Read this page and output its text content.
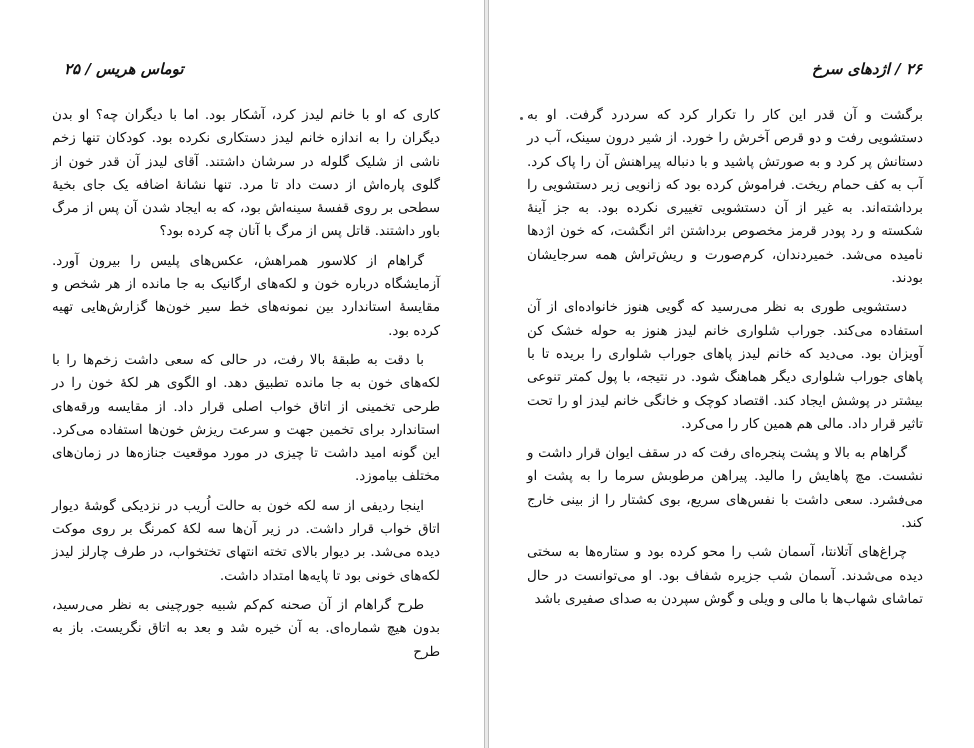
توماس هریس / ۲۵

کاری که او با خانم لیدز کرد، آشکار بود. اما با دیگران چه؟ او بدن دیگران را به اندازه خانم لیدز دستکاری نکرده بود. کودکان تنها زخم ناشی از شلیک گلوله در سرشان داشتند. آقای لیدز آن قدر خون از گلوی پاره‌اش از دست داد تا مرد. تنها نشانهٔ اضافه یک جای بخیهٔ سطحی بر روی قفسهٔ سینه‌اش بود، که به ایجاد شدن آن پس از مرگ باور داشتند. قاتل پس از مرگ با آنان چه کرده بود؟

گراهام از کلاسور همراهش، عکس‌های پلیس را بیرون آورد. آزمایشگاه درباره خون و لکه‌های ارگانیک به جا مانده از هر شخص و مقایسهٔ استاندارد بین نمونه‌های خط سیر خون‌ها گزارش‌هایی تهیه کرده بود.

با دقت به طبقهٔ بالا رفت، در حالی که سعی داشت زخم‌ها را با لکه‌های خون به جا مانده تطبیق دهد. او الگوی هر لکهٔ خون را در طرحی تخمینی از اتاق خواب اصلی قرار داد. از مقایسه ورقه‌های استاندارد برای تخمین جهت و سرعت ریزش خون‌ها استفاده می‌کرد. این گونه امید داشت تا چیزی در مورد موقعیت جنازه‌ها در زمان‌های مختلف بیاموزد.

اینجا ردیفی از سه لکه خون به حالت اُریب در نزدیکی گوشهٔ دیوار اتاق خواب قرار داشت. در زیر آن‌ها سه لکهٔ کمرنگ بر روی موکت دیده می‌شد. بر دیوار بالای تخته انتهای تختخواب، در طرف چارلز لیدز لکه‌های خونی بود تا پایه‌ها امتداد داشت.

طرح گراهام از آن صحنه کم‌کم شبیه جورچینی به نظر می‌رسید، بدون هیچ شماره‌ای. به آن خیره شد و بعد به اتاق نگریست. باز به طرح

۲۶ / اژدهای سرخ

برگشت و آن قدر این کار را تکرار کرد که سردرد گرفت. او به دستشویی رفت و دو قرص آخرش را خورد. از شیر درون سینک، آب در دستانش پر کرد و به صورتش پاشید و با دنباله پیراهنش آن را پاک کرد. آب به کف حمام ریخت. فراموش کرده بود که زانویی زیر دستشویی را برداشته‌اند. به غیر از آن دستشویی تغییری نکرده بود. به جز آینهٔ شکسته و رد پودر قرمز مخصوص برداشتن اثر انگشت، که خون اژدها نامیده می‌شد. خمیردندان، کرم‌صورت و ریش‌تراش همه سرجایشان بودند.

دستشویی طوری به نظر می‌رسید که گویی هنوز خانواده‌ای از آن استفاده می‌کند. جوراب شلواری خانم لیدز هنوز به حوله خشک کن آویزان بود. می‌دید که خانم لیدز پاهای جوراب شلواری را بریده تا با پاهای جوراب شلواری دیگر هماهنگ شود. در نتیجه، با پول کمتر تنوعی بیشتر در پوشش ایجاد کند. اقتصاد کوچک و خانگی خانم لیدز او را تحت تاثیر قرار داد. مالی هم همین کار را می‌کرد.

گراهام به بالا و پشت پنجره‌ای رفت که در سقف ایوان قرار داشت و نشست. مچ پاهایش را مالید. پیراهن مرطوبش سرما را به پشت او می‌فشرد. سعی داشت با نفس‌های سریع، بوی کشتار را از بینی خارج کند.

چراغ‌های آتلانتا، آسمان شب را محو کرده بود و ستاره‌ها به سختی دیده می‌شدند. آسمان شب جزیره شفاف بود. او می‌توانست در حال تماشای شهاب‌ها با مالی و ویلی و گوش سپردن به صدای صفیری باشد
